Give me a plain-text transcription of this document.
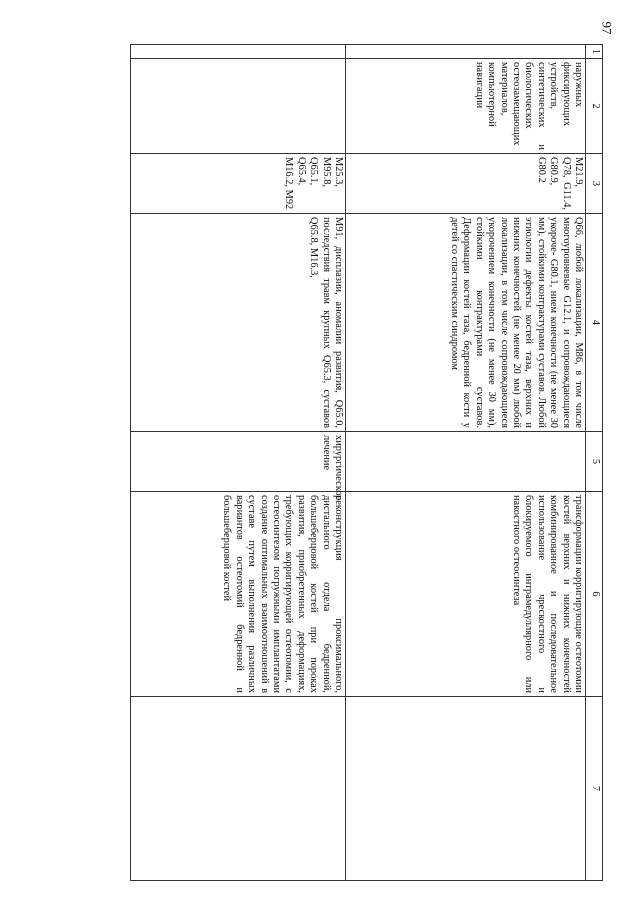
97
1	2	3	4	5	6	7
	наружных фиксирующих устройств, синтетических и биологических остеозамещающих материалов, компьютерной навигации	M21.9, Q78, G11.4, G80.9, G80.2	Q66, любой локализации, M86, в том числе многоуровневые G12.1, и сопровождающиеся укороче- G80.1, нием конечности (не менее 30 мм), стойкими контрактурами суставов. Любой этиологии дефекты костей таза, верхних и нижних конечностей (не менее 20 мм) любой локализации, в том числе сопровождающиеся укорочением конечности (не менее 30 мм), стойкими контрактурами суставов. Деформации костей таза, бедренной кости у детей со спастическим синдромом		трансформации корригирующие остеотомии костей верхних и нижних конечностей комбинированное и последовательное использование чрескостного и блокируемого интрамедуллярного или накостного остеосинтеза	
		M25.3, M95.8, Q65.1, Q65.4, M16.2, M92	M91, дисплазии, аномалии развития, Q65.0, последствия травм крупных Q65.3, суставов Q65.8, M16.3,	хирургическое лечение	реконструкция проксимального, дистального отдела бедренной, большеберцовой костей при пороках развития, приобретенных деформациях, требующих корригирующей остеотомии, с остеосинтезом погружными имплантатами создание оптимальных взаимоотношений в суставе путем выполнения различных вариантов остеотомий бедренной и большеберцовой костей	
